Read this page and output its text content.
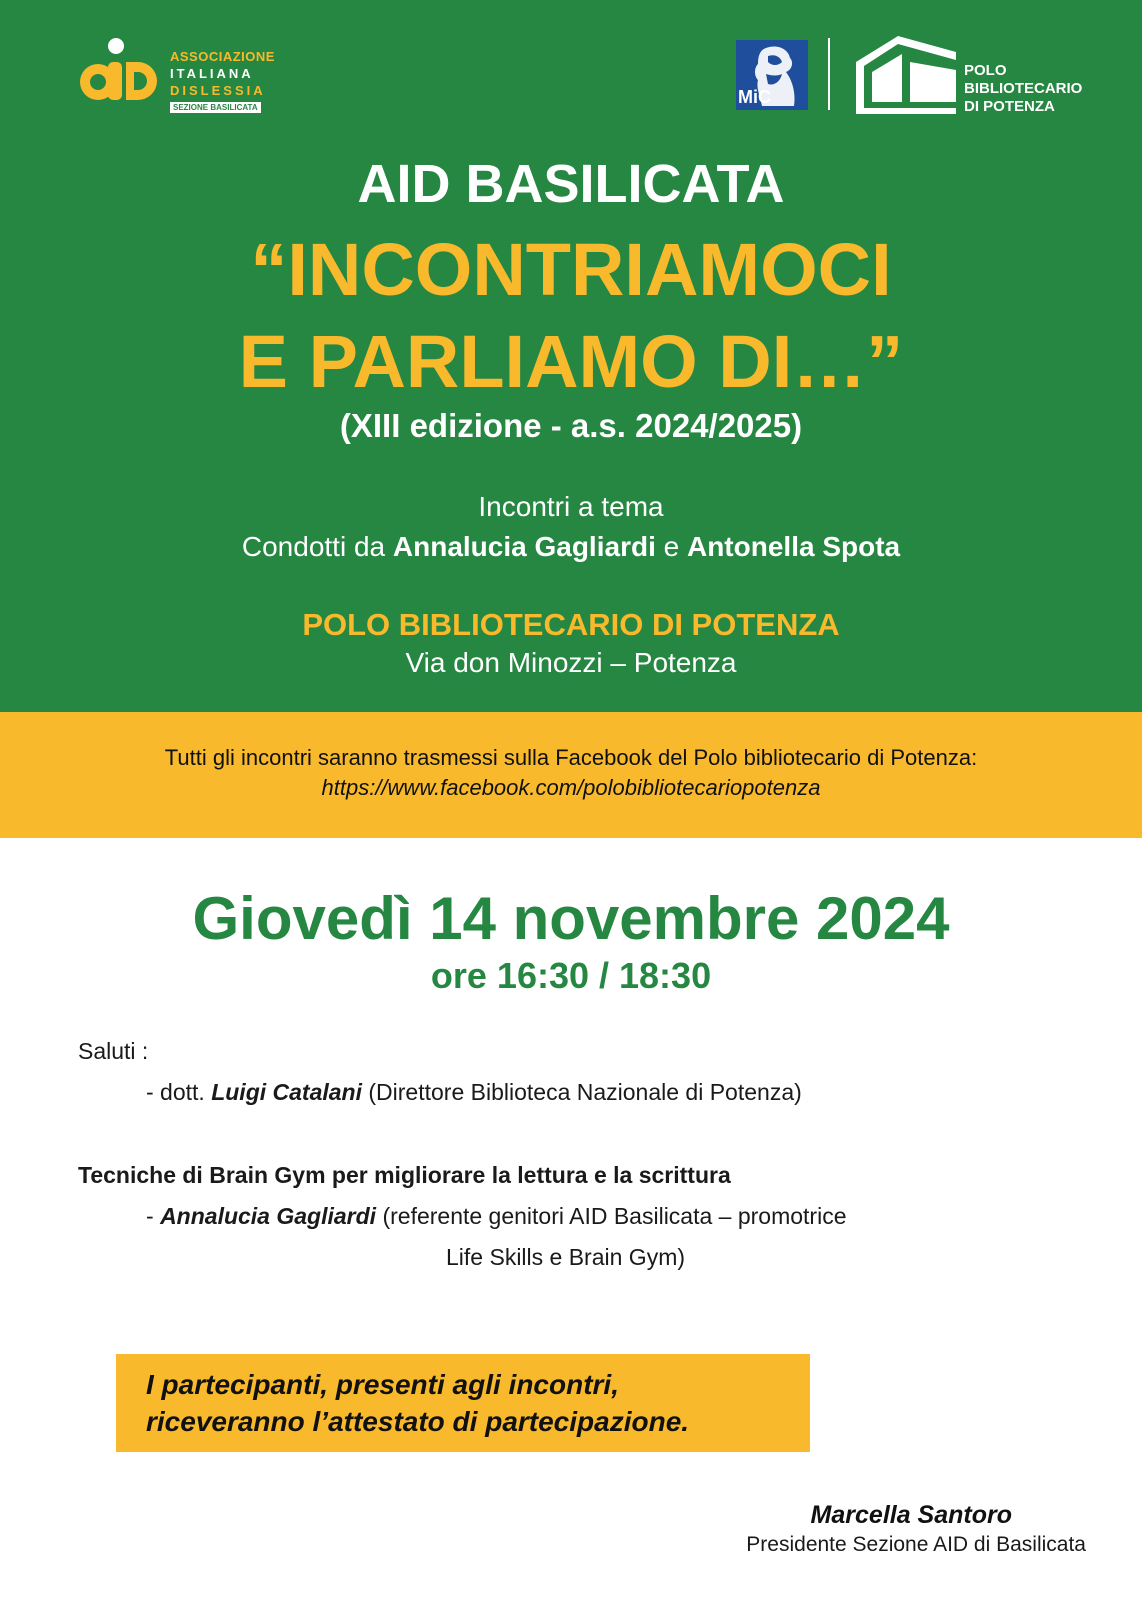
ASSOCIAZIONE
ITALIANA
DISLESSIA
SEZIONE BASILICATA
MiC
POLO
BIBLIOTECARIO
DI POTENZA
AID BASILICATA
“INCONTRIAMOCI
E PARLIAMO DI…”
(XIII edizione - a.s. 2024/2025)
Incontri a tema
Condotti da Annalucia Gagliardi e Antonella Spota
POLO BIBLIOTECARIO DI POTENZA
Via don Minozzi – Potenza
Tutti gli incontri saranno trasmessi sulla Facebook del Polo bibliotecario di Potenza:
https://www.facebook.com/polobibliotecariopotenza
Giovedì 14 novembre 2024
ore 16:30 / 18:30
Saluti :
- dott. Luigi Catalani (Direttore Biblioteca Nazionale di Potenza)
Tecniche di Brain Gym per migliorare la lettura e la scrittura
- Annalucia Gagliardi (referente genitori AID Basilicata – promotrice
Life Skills e Brain Gym)
I partecipanti, presenti agli incontri,
riceveranno l’attestato di partecipazione.
Marcella Santoro
Presidente Sezione AID di Basilicata
